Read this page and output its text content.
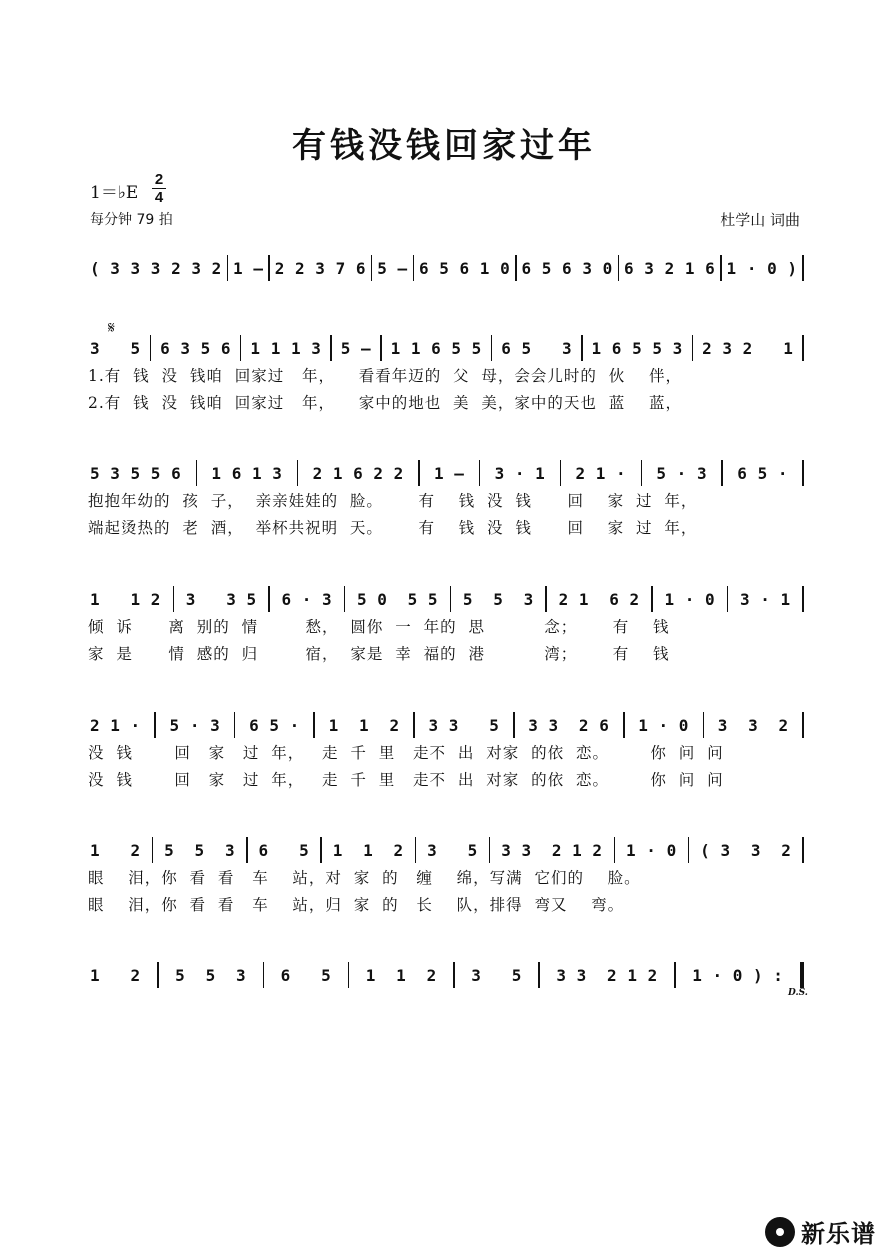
有钱没钱回家过年
1＝♭E
2
4
每分钟 79 拍	杜学山 词曲
𝄋
( 3 3 3 2 3 2 1 – 2 2 3 7 6 5 – 6 5 6 1 0 6 5 6 3 0 6 3 2 1 6 1 · 0 )
3   5 6 3 5 6 1 1 1 3 5 – 1 1 6 5 5 6 5   3 1 6 5 5 3 2 3 2   1
1.有  钱  没  钱咱  回家过   年，    看看年迈的  父  母，会会儿时的  伙    伴，
2.有  钱  没  钱咱  回家过   年，    家中的地也  美  美，家中的天也  蓝    蓝，
5 3 5 5 6 1 6 1 3 2 1 6 2 2 1 – 3 · 1 2 1 · 5 · 3 6 5 ·
抱抱年幼的  孩  子，  亲亲娃娃的  脸。      有    钱  没  钱      回    家  过  年，
端起烫热的  老  酒，  举杯共祝明  天。      有    钱  没  钱      回    家  过  年，
1   1 2 3   3 5 6 · 3 5 0  5 5 5  5  3 2 1  6 2 1 · 0 3 · 1
倾  诉      离  别的  情        愁，  圆你  一  年的  思          念；      有    钱
家  是      情  感的  归        宿，  家是  幸  福的  港          湾；      有    钱
2 1 · 5 · 3 6 5 · 1  1  2 3 3   5 3 3  2 6 1 · 0 3  3  2
没  钱       回   家   过  年，   走  千  里   走不  出  对家  的依  恋。       你  问  问
没  钱       回   家   过  年，   走  千  里   走不  出  对家  的依  恋。       你  问  问
1   2 5  5  3 6   5 1  1  2 3   5 3 3  2 1 2 1 · 0 ( 3  3  2
眼    泪，你  看  看   车    站，对  家  的   缠    绵，写满  它们的    脸。
眼    泪，你  看  看   车    站，归  家  的   长    队，排得  弯又    弯。
1   2 5  5  3 6   5 1  1  2 3   5 3 3  2 1 2 1 · 0 ) :
D.S.
新乐谱
